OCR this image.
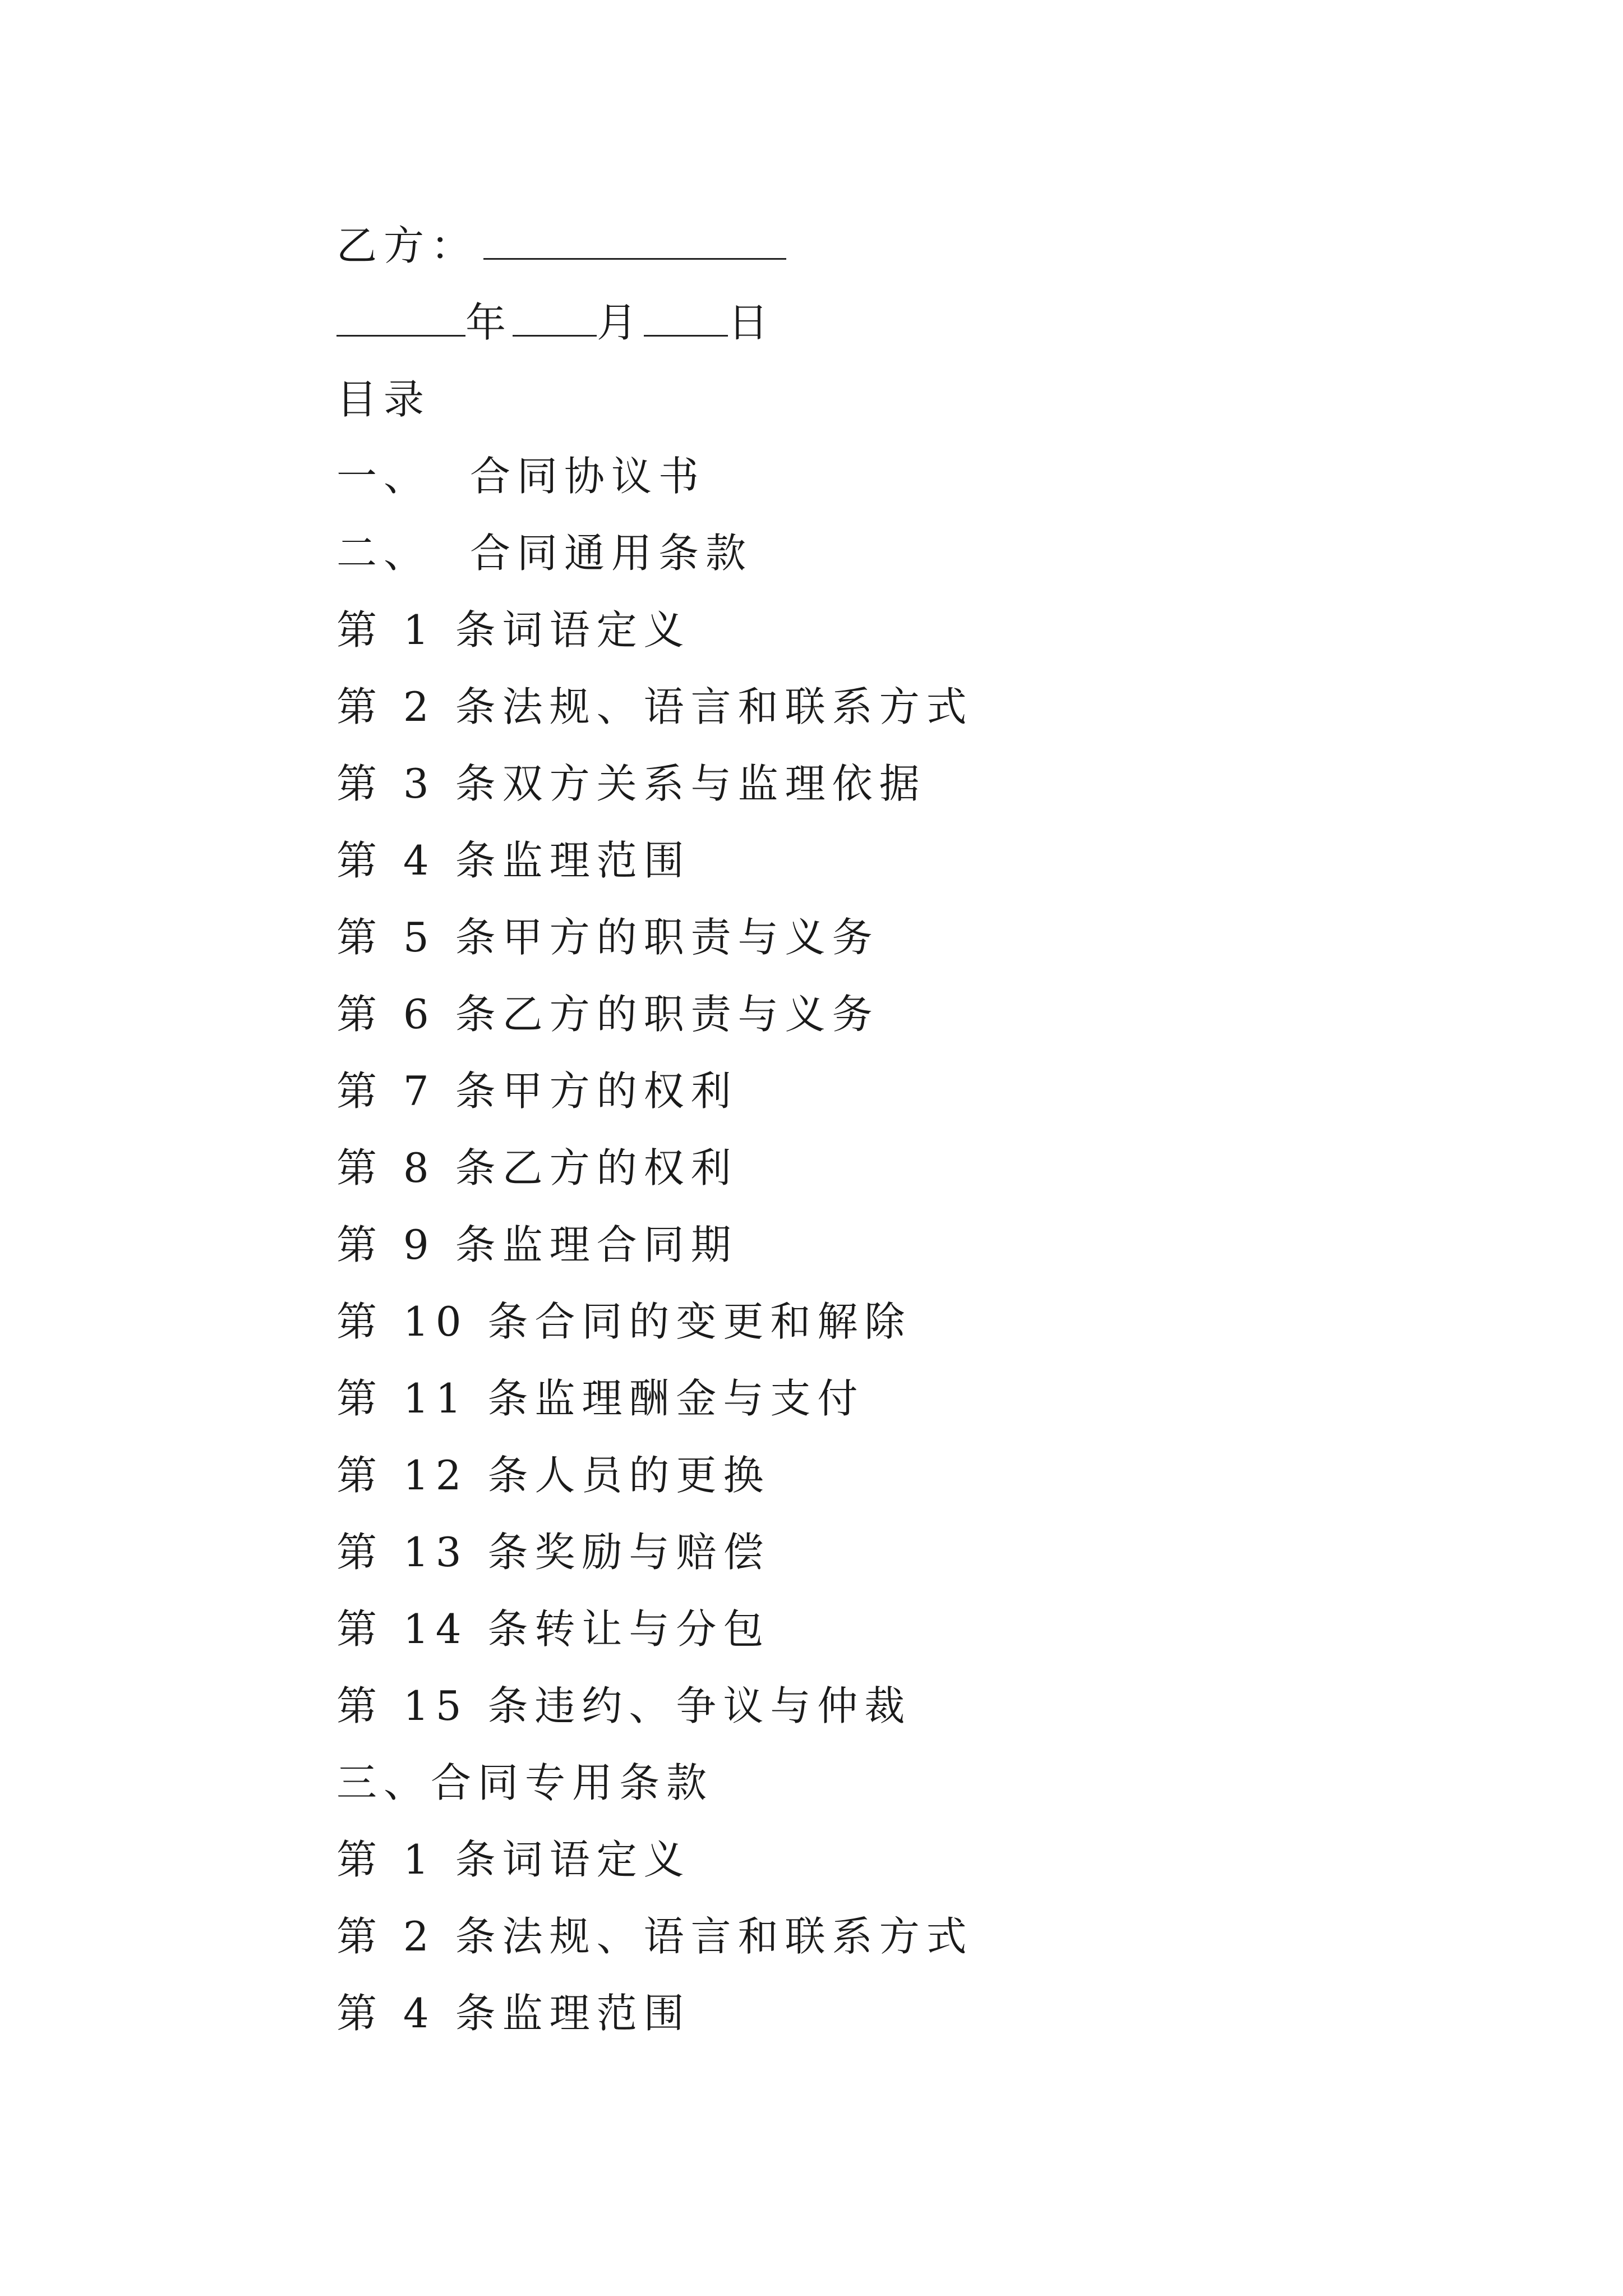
乙方：
年 月 日
目录
一、 合同协议书
二、 合同通用条款
第 1 条词语定义
第 2 条法规、语言和联系方式
第 3 条双方关系与监理依据
第 4 条监理范围
第 5 条甲方的职责与义务
第 6 条乙方的职责与义务
第 7 条甲方的权利
第 8 条乙方的权利
第 9 条监理合同期
第 10 条合同的变更和解除
第 11 条监理酬金与支付
第 12 条人员的更换
第 13 条奖励与赔偿
第 14 条转让与分包
第 15 条违约、争议与仲裁
三、合同专用条款
第 1 条词语定义
第 2 条法规、语言和联系方式
第 4 条监理范围
